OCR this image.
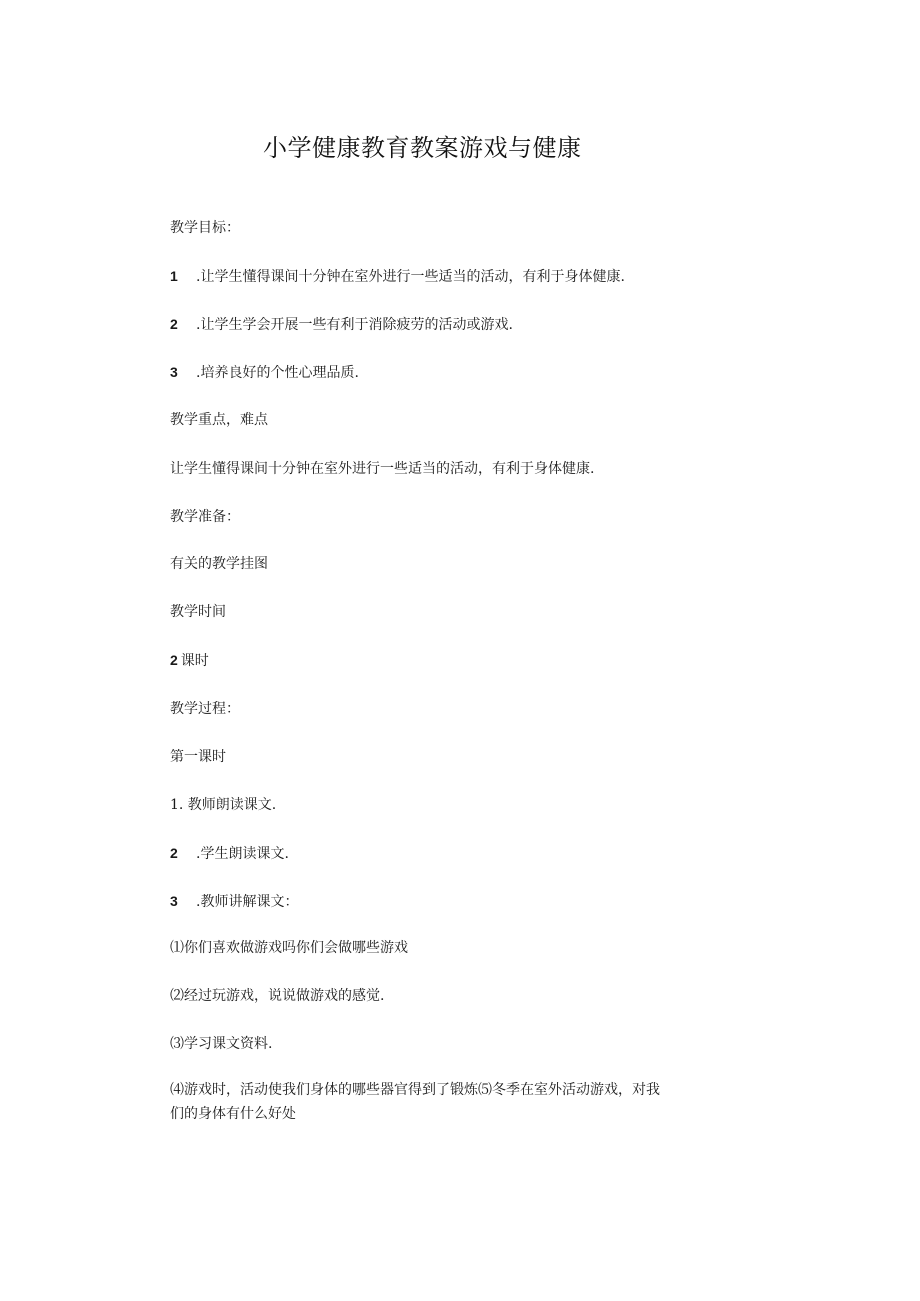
小学健康教育教案游戏与健康
教学目标：
1 .让学生懂得课间十分钟在室外进行一些适当的活动，有利于身体健康.
2 .让学生学会开展一些有利于消除疲劳的活动或游戏.
3 .培养良好的个性心理品质.
教学重点，难点
让学生懂得课间十分钟在室外进行一些适当的活动，有利于身体健康.
教学准备：
有关的教学挂图
教学时间
2 课时
教学过程：
第一课时
1. 教师朗读课文.
2 .学生朗读课文.
3 .教师讲解课文：
⑴你们喜欢做游戏吗你们会做哪些游戏
⑵经过玩游戏，说说做游戏的感觉.
⑶学习课文资料.
⑷游戏时，活动使我们身体的哪些器官得到了锻炼⑸冬季在室外活动游戏，对我们的身体有什么好处
